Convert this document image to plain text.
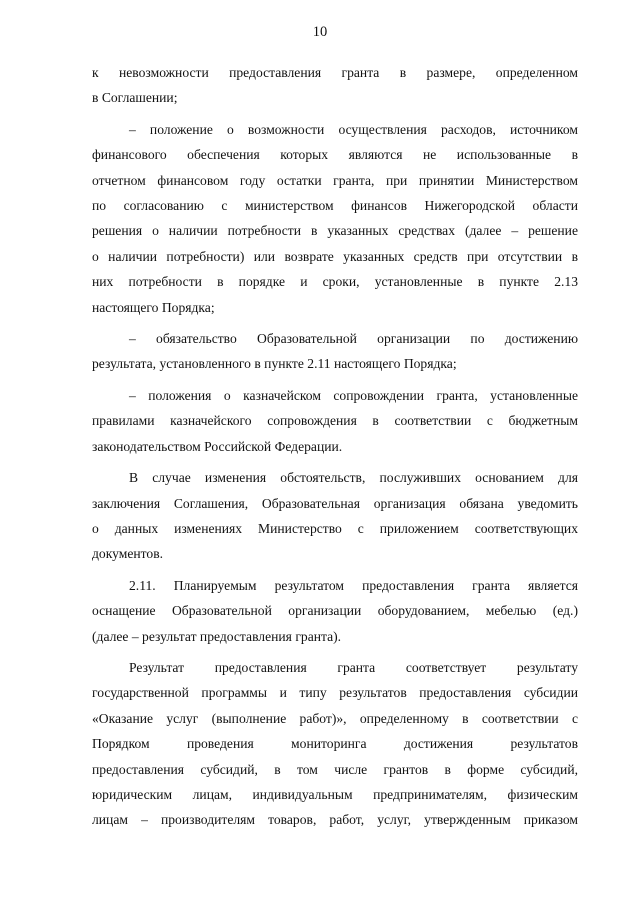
10
к невозможности предоставления гранта в размере, определенном
в Соглашении;
– положение о возможности осуществления расходов, источником
финансового обеспечения которых являются не использованные в
отчетном финансовом году остатки гранта, при принятии Министерством
по согласованию с министерством финансов Нижегородской области
решения о наличии потребности в указанных средствах (далее – решение
о наличии потребности) или возврате указанных средств при отсутствии в
них потребности в порядке и сроки, установленные в пункте 2.13
настоящего Порядка;
– обязательство Образовательной организации по достижению
результата, установленного в пункте 2.11 настоящего Порядка;
– положения о казначейском сопровождении гранта, установленные
правилами казначейского сопровождения в соответствии с бюджетным
законодательством Российской Федерации.
В случае изменения обстоятельств, послуживших основанием для
заключения Соглашения, Образовательная организация обязана уведомить
о данных изменениях Министерство с приложением соответствующих
документов.
2.11. Планируемым результатом предоставления гранта является
оснащение Образовательной организации оборудованием, мебелью (ед.)
(далее – результат предоставления гранта).
Результат предоставления гранта соответствует результату
государственной программы и типу результатов предоставления субсидии
«Оказание услуг (выполнение работ)», определенному в соответствии с
Порядком проведения мониторинга достижения результатов
предоставления субсидий, в том числе грантов в форме субсидий,
юридическим лицам, индивидуальным предпринимателям, физическим
лицам – производителям товаров, работ, услуг, утвержденным приказом
